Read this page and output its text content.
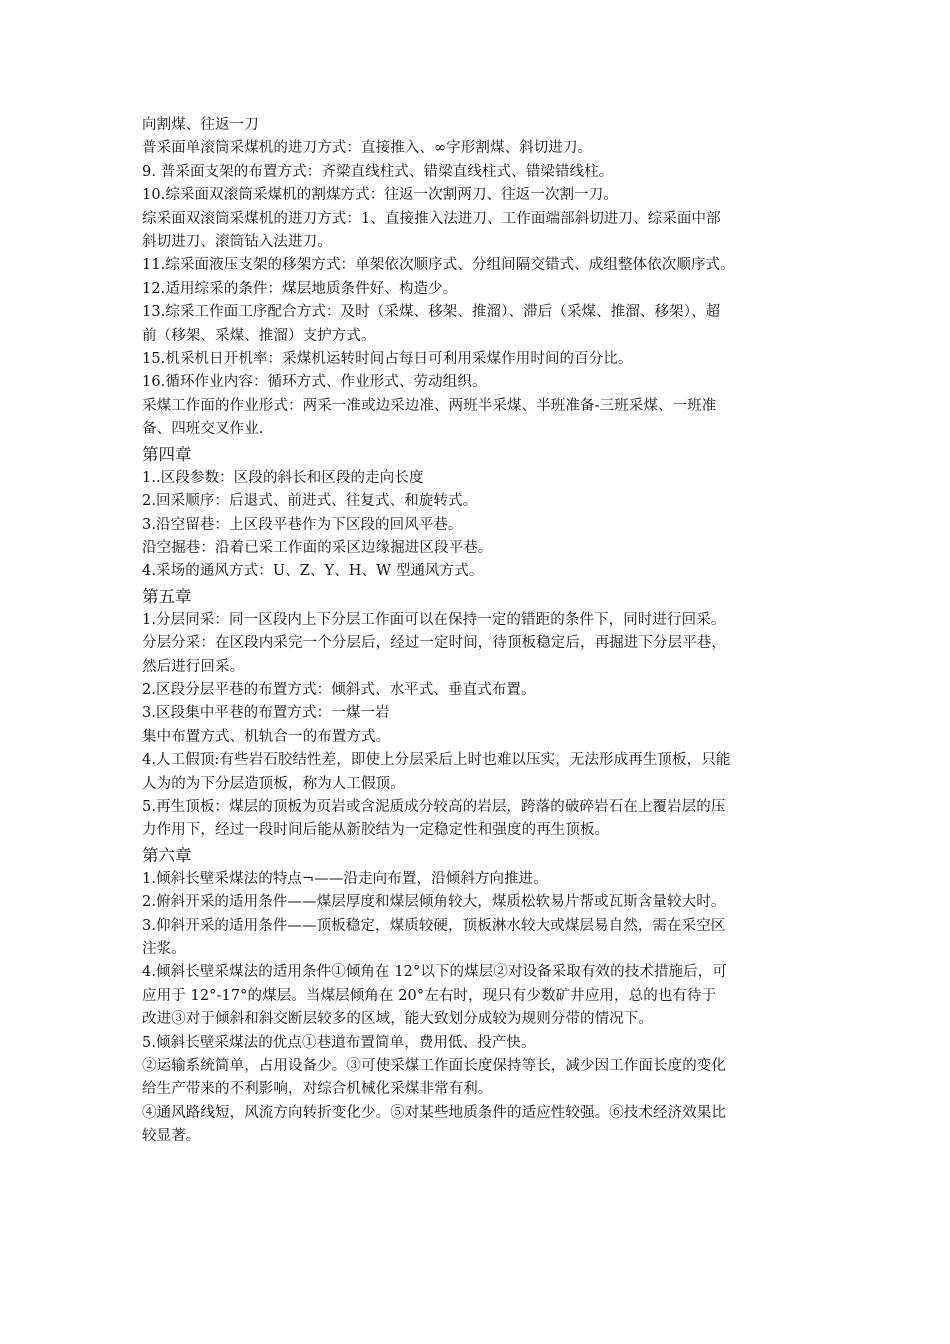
向割煤、往返一刀
普采面单滚筒采煤机的进刀方式：直接推入、∞字形割煤、斜切进刀。
9. 普采面支架的布置方式：齐梁直线柱式、错梁直线柱式、错梁错线柱。
10.综采面双滚筒采煤机的割煤方式：往返一次割两刀、往返一次割一刀。
综采面双滚筒采煤机的进刀方式：1、直接推入法进刀、工作面端部斜切进刀、综采面中部
斜切进刀、滚筒钻入法进刀。
11.综采面液压支架的移架方式：单架依次顺序式、分组间隔交错式、成组整体依次顺序式。
12.适用综采的条件：煤层地质条件好、构造少。
13.综采工作面工序配合方式：及时（采煤、移架、推溜）、滞后（采煤、推溜、移架）、超
前（移架、采煤、推溜）支护方式。
15.机采机日开机率：采煤机运转时间占每日可利用采煤作用时间的百分比。
16.循环作业内容：循环方式、作业形式、劳动组织。
采煤工作面的作业形式：两采一准或边采边准、两班半采煤、半班准备-三班采煤、一班准
备、四班交叉作业.
第四章
1..区段参数：区段的斜长和区段的走向长度
2.回采顺序：后退式、前进式、往复式、和旋转式。
3.沿空留巷：上区段平巷作为下区段的回风平巷。
沿空掘巷：沿着已采工作面的采区边缘掘进区段平巷。
4.采场的通风方式：U、Z、Y、H、W 型通风方式。
第五章
1.分层同采：同一区段内上下分层工作面可以在保持一定的错距的条件下，同时进行回采。
分层分采：在区段内采完一个分层后，经过一定时间，待顶板稳定后，再掘进下分层平巷，
然后进行回采。
2.区段分层平巷的布置方式：倾斜式、水平式、垂直式布置。
3.区段集中平巷的布置方式：一煤一岩
集中布置方式、机轨合一的布置方式。
4.人工假顶:有些岩石胶结性差，即使上分层采后上时也难以压实，无法形成再生顶板，只能
人为的为下分层造顶板，称为人工假顶。
5.再生顶板：煤层的顶板为页岩或含泥质成分较高的岩层，跨落的破碎岩石在上覆岩层的压
力作用下，经过一段时间后能从新胶结为一定稳定性和强度的再生顶板。
第六章
1.倾斜长壁采煤法的特点¬——沿走向布置，沿倾斜方向推进。
2.俯斜开采的适用条件——煤层厚度和煤层倾角较大，煤质松软易片帮或瓦斯含量较大时。
3.仰斜开采的适用条件——顶板稳定，煤质较硬，顶板淋水较大或煤层易自然，需在采空区
注浆。
4.倾斜长壁采煤法的适用条件①倾角在 12°以下的煤层②对设备采取有效的技术措施后，可
应用于 12°-17°的煤层。当煤层倾角在 20°左右时，现只有少数矿井应用，总的也有待于
改进③对于倾斜和斜交断层较多的区域，能大致划分成较为规则分带的情况下。
5.倾斜长壁采煤法的优点①巷道布置简单，费用低、投产快。
②运输系统简单，占用设备少。③可使采煤工作面长度保持等长，减少因工作面长度的变化
给生产带来的不利影响，对综合机械化采煤非常有利。
④通风路线短，风流方向转折变化少。⑤对某些地质条件的适应性较强。⑥技术经济效果比
较显著。
